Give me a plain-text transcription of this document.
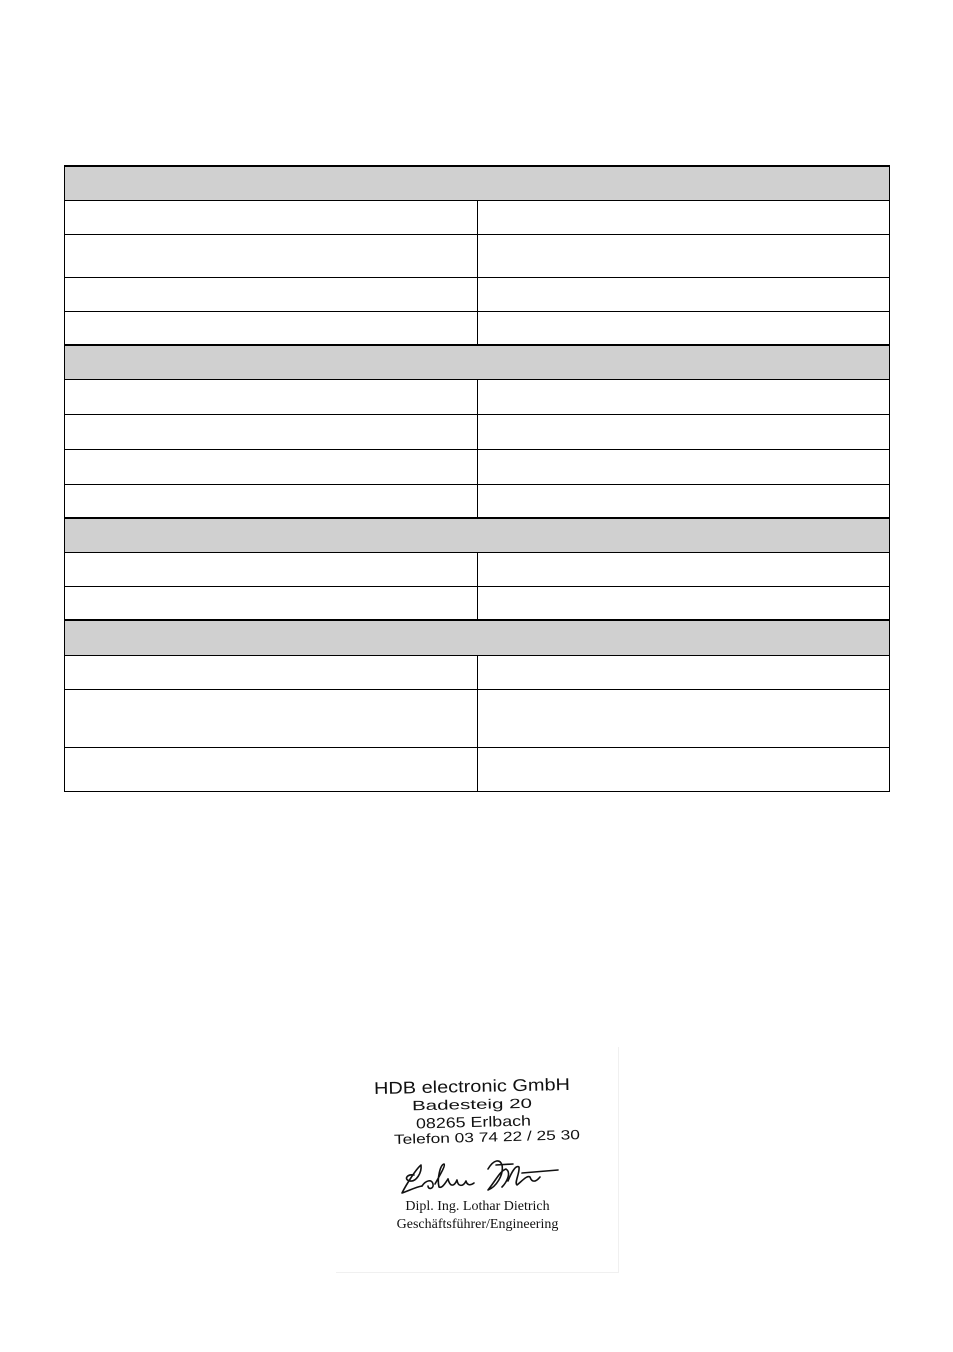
HDB electronic GmbH
Badesteig 20
08265 Erlbach
Telefon 03 74 22 / 25 30

Dipl. Ing. Lothar Dietrich

Geschäftsführer/Engineering
